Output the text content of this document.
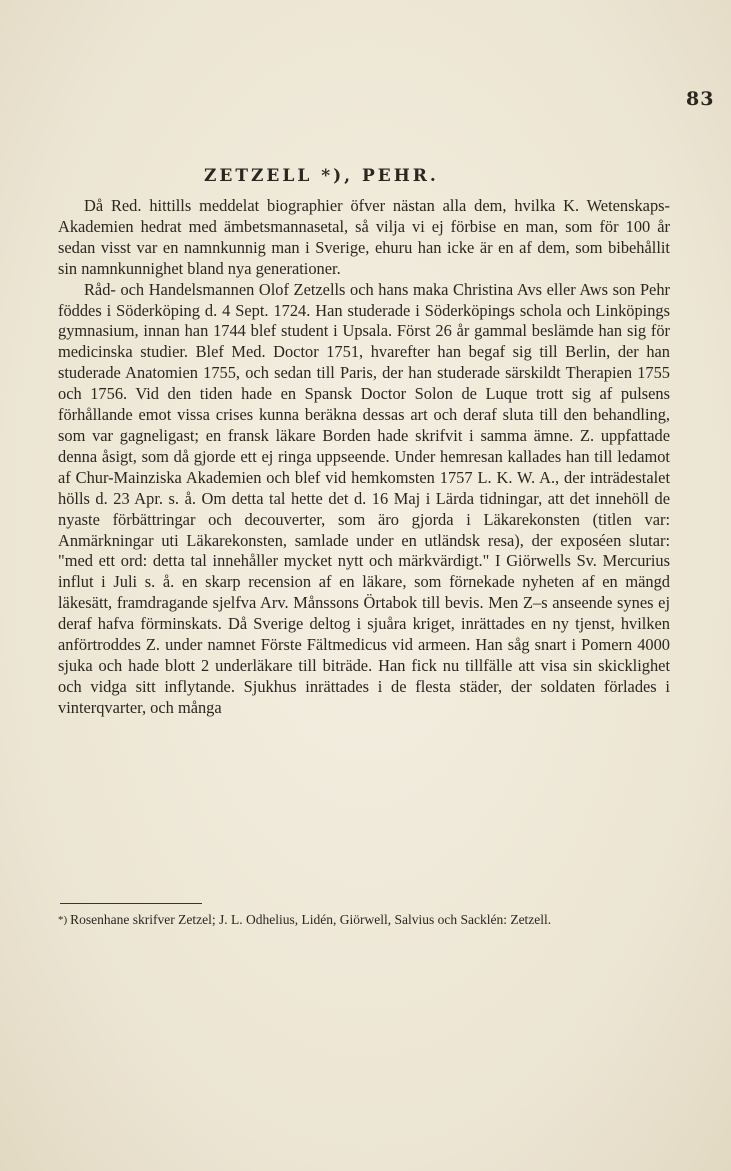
83
ZETZELL *), PEHR.

Då Red. hittills meddelat biographier öfver nästan alla dem, hvilka K. Wetenskaps-Akademien hedrat med ämbetsmannasetal, så vilja vi ej förbise en man, som för 100 år sedan visst var en namnkunnig man i Sverige, ehuru han icke är en af dem, som bibehållit sin namnkunnighet bland nya generationer.

Råd- och Handelsmannen Olof Zetzells och hans maka Christina Avs eller Aws son Pehr föddes i Söderköping d. 4 Sept. 1724. Han studerade i Söderköpings schola och Linköpings gymnasium, innan han 1744 blef student i Upsala. Först 26 år gammal beslämde han sig för medicinska studier. Blef Med. Doctor 1751, hvarefter han begaf sig till Berlin, der han studerade Anatomien 1755, och sedan till Paris, der han studerade särskildt Therapien 1755 och 1756. Vid den tiden hade en Spansk Doctor Solon de Luque trott sig af pulsens förhållande emot vissa crises kunna beräkna dessas art och deraf sluta till den behandling, som var gagneligast; en fransk läkare Borden hade skrifvit i samma ämne. Z. uppfattade denna åsigt, som då gjorde ett ej ringa uppseende. Under hemresan kallades han till ledamot af Chur-Mainziska Akademien och blef vid hemkomsten 1757 L. K. W. A., der inträdestalet hölls d. 23 Apr. s. å. Om detta tal hette det d. 16 Maj i Lärda tidningar, att det innehöll de nyaste förbättringar och decouverter, som äro gjorda i Läkarekonsten (titlen var: Anmärkningar uti Läkarekonsten, samlade under en utländsk resa), der exposéen slutar: "med ett ord: detta tal innehåller mycket nytt och märkvärdigt." I Giörwells Sv. Mercurius influt i Juli s. å. en skarp recension af en läkare, som förnekade nyheten af en mängd läkesätt, framdragande sjelfva Arv. Månssons Örtabok till bevis. Men Z–s anseende synes ej deraf hafva förminskats. Då Sverige deltog i sjuåra kriget, inrättades en ny tjenst, hvilken anförtroddes Z. under namnet Förste Fältmedicus vid armeen. Han såg snart i Pomern 4000 sjuka och hade blott 2 underläkare till biträde. Han fick nu tillfälle att visa sin skicklighet och vidga sitt inflytande. Sjukhus inrättades i de flesta städer, der soldaten förlades i vinterqvarter, och många

*) Rosenhane skrifver Zetzel; J. L. Odhelius, Lidén, Giörwell, Salvius och Sacklén: Zetzell.
